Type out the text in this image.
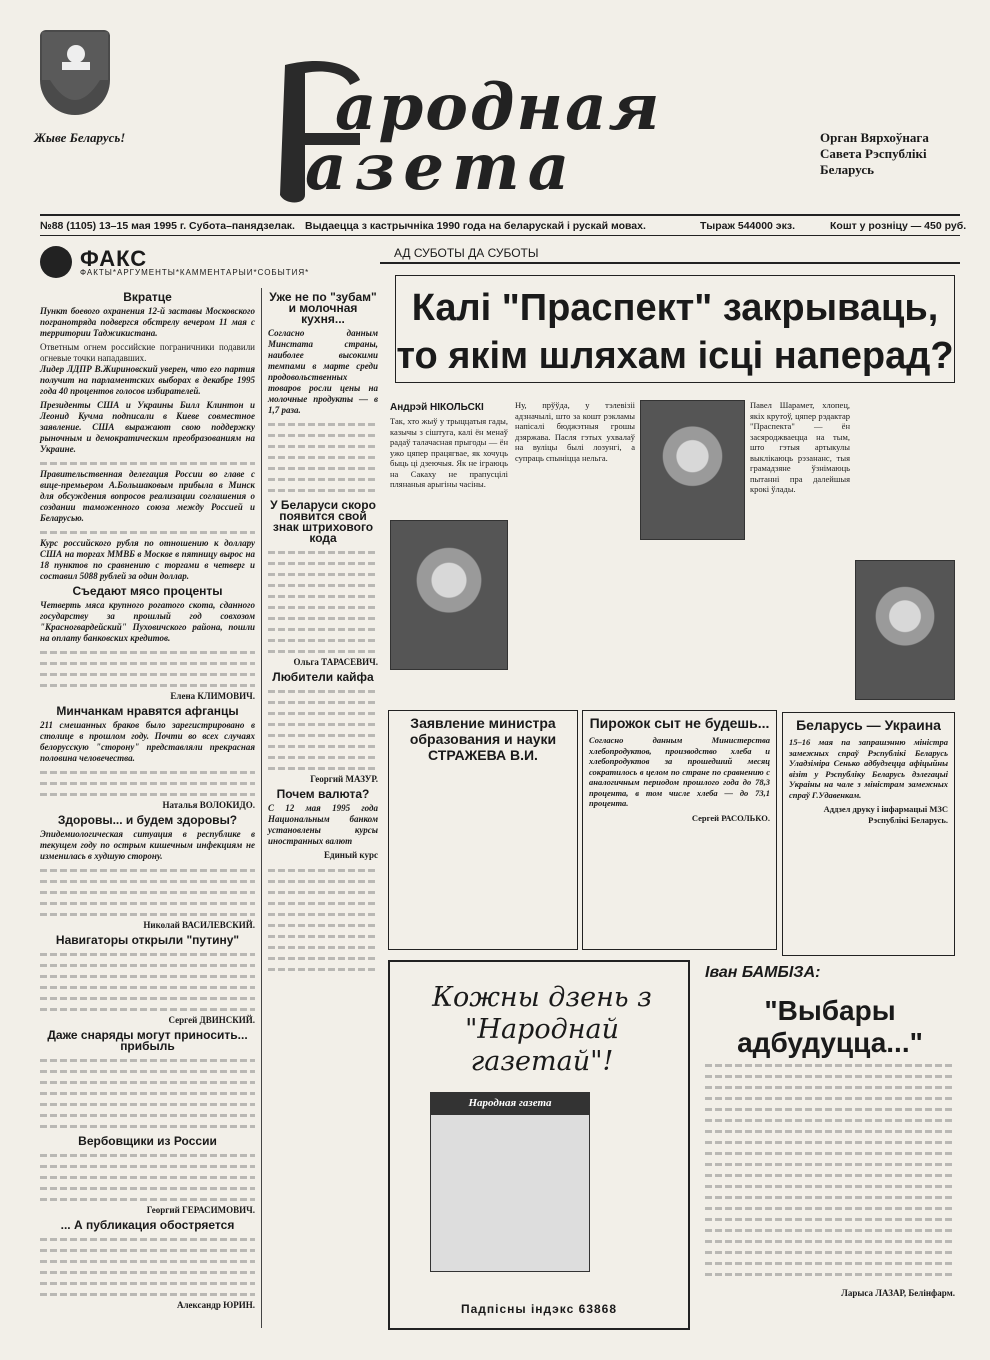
Жыве Беларусь!	ародная
азета	Орган Вярхоўнага Савета Рэспублікі Беларусь
№88 (1105) 13–15 мая 1995 г. Субота–панядзелак. Выдаецца з кастрычніка 1990 года на беларускай і рускай мовах.	Тыраж 544000 экз.	Кошт у розніцу — 450 руб.
ФАКС
ФАКТЫ*АРГУМЕНТЫ*КАММЕНТАРЫИ*СОБЫТИЯ*
АД СУБОТЫ ДА СУБОТЫ
Вкратце

Пункт боевого охранения 12-й заставы Московского погранотряда подвергся обстрелу вечером 11 мая с территории Таджикистана.

Ответным огнем российские пограничники подавили огневые точки нападавших.

Лидер ЛДПР В.Жириновский уверен, что его партия получит на парламентских выборах в декабре 1995 года 40 процентов голосов избирателей.

Президенты США и Украины Билл Клинтон и Леонид Кучма подписали в Киеве совместное заявление. США выражают свою поддержку рыночным и демократическим преобразованиям на Украине.

Правительственная делегация России во главе с вице-премьером А.Большаковым прибыла в Минск для обсуждения вопросов реализации соглашения о создании таможенного союза между Россией и Беларусью.

Курс российского рубля по отношению к доллару США на торгах ММВБ в Москве в пятницу вырос на 18 пунктов по сравнению с торгами в четверг и составил 5088 рублей за один доллар.

Съедают мясо проценты

Четверть мяса крупного рогатого скота, сданного государству за прошлый год совхозом "Красногвардейский" Пуховичского района, пошли на оплату банковских кредитов.

Елена КЛИМОВИЧ.

Минчанкам нравятся афганцы

211 смешанных браков было зарегистрировано в столице в прошлом году. Почти во всех случаях белорусскую "сторону" представляли прекрасная половина человечества.

Наталья ВОЛОКИДО.

Здоровы... и будем здоровы?

Эпидемиологическая ситуация в республике в текущем году по острым кишечным инфекциям не изменилась в худшую сторону.

Николай ВАСИЛЕВСКИЙ.

Навигаторы открыли "путину"

Сергей ДВИНСКИЙ.

Даже снаряды могут приносить... прибыль
Вербовщики из России

Георгий ГЕРАСИМОВИЧ.

... А публикация обостряется

Александр ЮРИН.

Уже не по "зубам" и молочная кухня...

Согласно данным Минстата страны, наиболее высокими темпами в марте среди продовольственных товаров росли цены на молочные продукты — в 1,7 раза.

У Беларуси скоро появится свой знак штрихового кода

Ольга ТАРАСЕВИЧ.

Любители кайфа

Георгий МАЗУР.

Почем валюта?

С 12 мая 1995 года Национальным банком установлены курсы иностранных валют

Единый курс

Калі "Праспект" закрываць,
то якім шляхам ісці наперад?
Андрэй НІКОЛЬСКІ
Так, хто жыў у трыццатыя гады, казычы з сіштуга, калі ён менаў радаў талачасная прыгоды — ён ужо цяпер працягвае, як хочуць быць ці дзеючыя. Як не іграюць на Сакаху не прапусцілі плянаныя арыгіны часіны.
Ну, прўўда, у тэлевізіі адзначылі, што за кошт рэкламы напісалі бюджэтныя грошы дзяржава. Пасля гэтых ухвалаў на вуліцы былі лозунгі, а супраць спыніцца нельга.
Павел Шарамет, хлопец, якіх крутоў, цяпер рэдактар "Праспекта" — ён засяроджваецца на тым, што гэтыя артыкулы выклікаюць рэзананс, тыя грамадзяне ўзнімаюць пытанні пра далейшыя крокі ўлады.
Заявление министра образования и науки СТРАЖЕВА В.И.
Пирожок сыт не будешь...

Согласно данным Министерства хлебопродуктов, производство хлеба и хлебопродуктов за прошедший месяц сократилось в целом по стране по сравнению с аналогичным периодом прошлого года до 78,3 процента, в том числе хлеба — до 73,1 процента.

Сергей РАСОЛЬКО.

Беларусь — Украина

15–16 мая па запрашэнню міністра замежных спраў Рэспублікі Беларусь Уладзіміра Сенько адбудзецца афіцыйны візіт у Рэспубліку Беларусь дэлегацыі Украіны на чале з міністрам замежных спраў Г.Удавенкам.

Аддзел друку і інфармацыі МЗС Рэспублікі Беларусь.

Кожны дзень з "Народнай газетай"!
Народная газета
Падпісны індэкс 63868
Іван БАМБІЗА:
"Выбары адбудуцца..."

Ларыса ЛАЗАР, Белінфарм.
